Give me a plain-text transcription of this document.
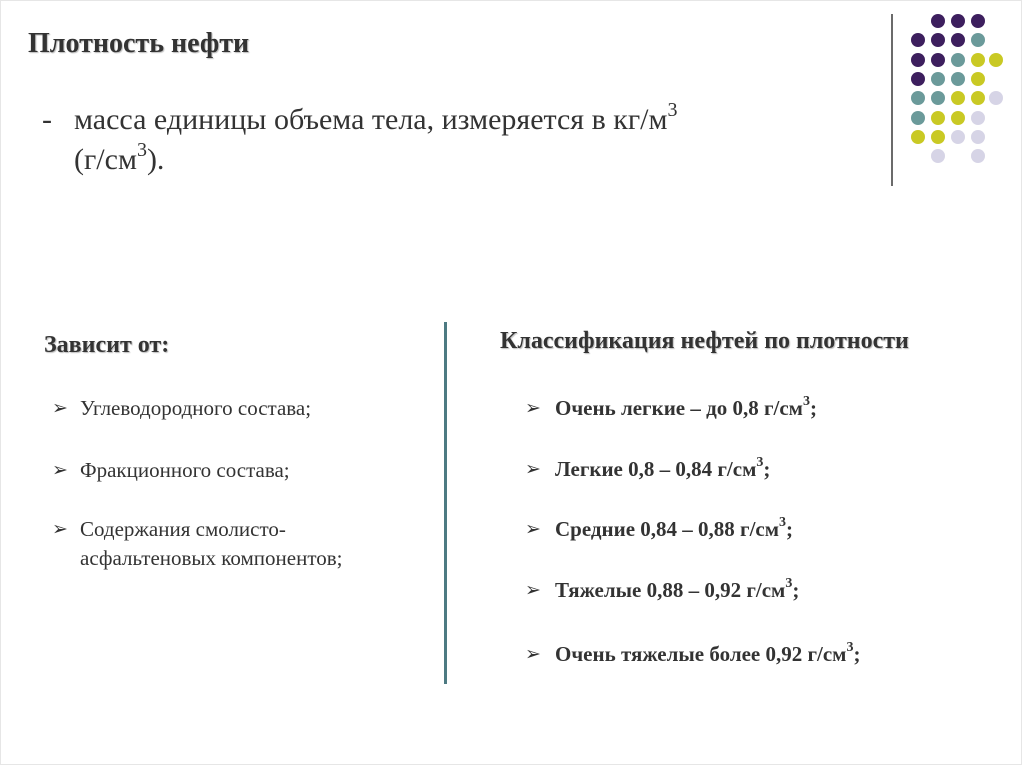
Плотность нефти
- масса единицы объема тела, измеряется в $кг/м^3$
$(г/см^3)$.
Зависит от:
➢ Углеводородного состава;
➢ Фракционного состава;
➢ Содержания смолисто-
асфальтеновых компонентов;
Классификация нефтей по плотности
➢ Очень легкие – до 0,8 $г/см^3$;
➢ Легкие 0,8 – 0,84 $г/см^3$;
➢ Средние 0,84 – 0,88 $г/см^3$;
➢ Тяжелые 0,88 – 0,92 $г/см^3$;
➢ Очень тяжелые более 0,92 $г/см^3$;
